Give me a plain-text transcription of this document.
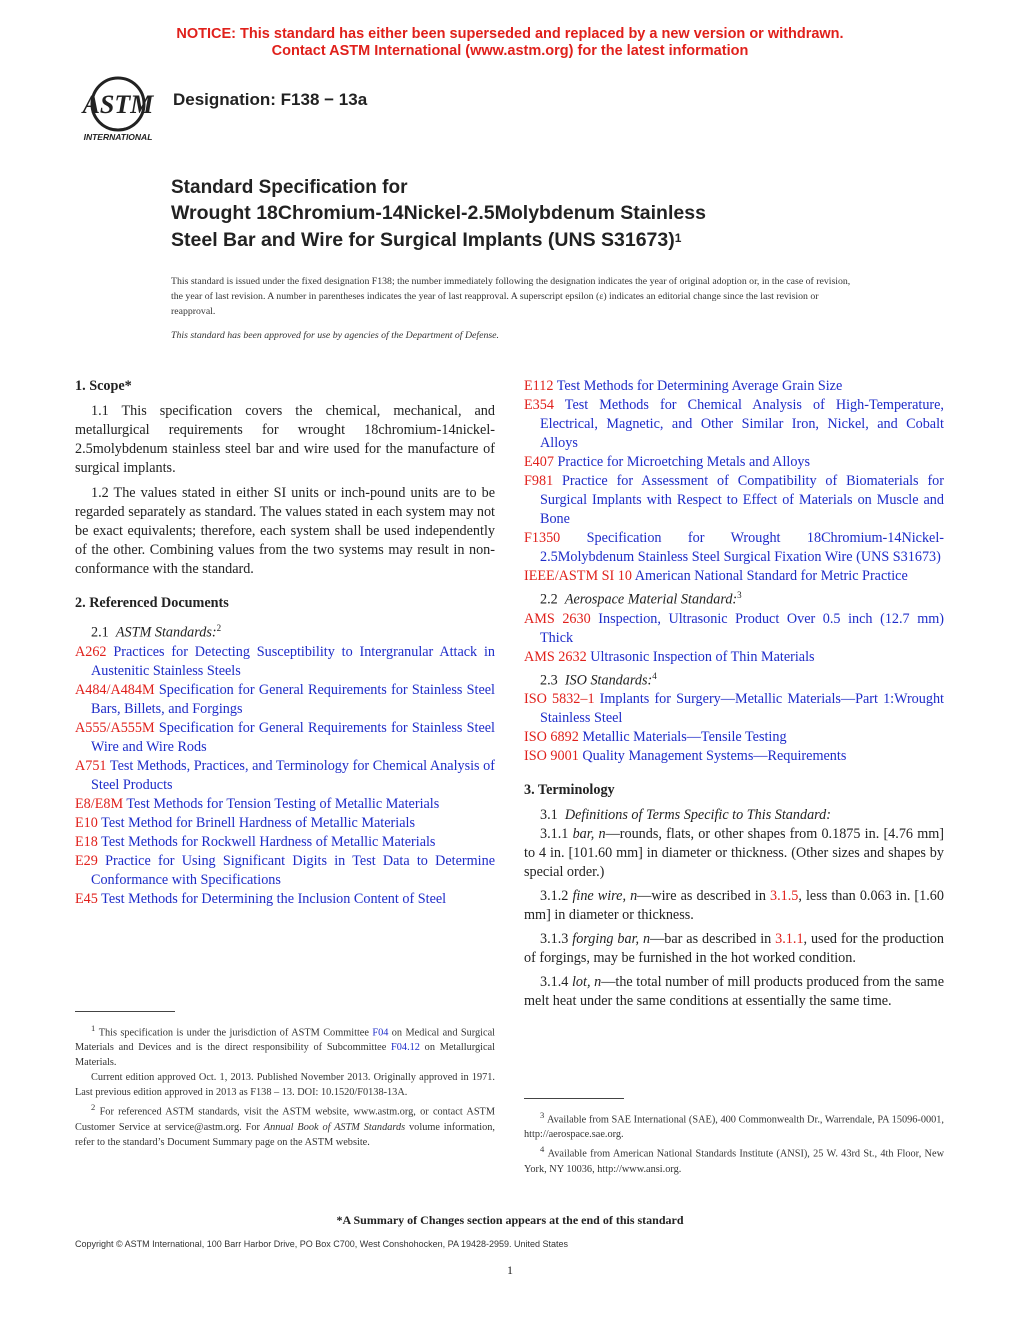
NOTICE: This standard has either been superseded and replaced by a new version or withdrawn.
Contact ASTM International (www.astm.org) for the latest information
ASTM
INTERNATIONAL
Designation: F138 − 13a
Standard Specification for
Wrought 18Chromium-14Nickel-2.5Molybdenum Stainless
Steel Bar and Wire for Surgical Implants (UNS S31673)$^1$
This standard is issued under the fixed designation F138; the number immediately following the designation indicates the year of original adoption or, in the case of revision, the year of last revision. A number in parentheses indicates the year of last reapproval. A superscript epsilon (ε) indicates an editorial change since the last revision or reapproval.
This standard has been approved for use by agencies of the Department of Defense.
1. Scope*

1.1 This specification covers the chemical, mechanical, and metallurgical requirements for wrought 18chromium-14nickel-2.5molybdenum stainless steel bar and wire used for the manufacture of surgical implants.

1.2 The values stated in either SI units or inch-pound units are to be regarded separately as standard. The values stated in each system may not be exact equivalents; therefore, each system shall be used independently of the other. Combining values from the two systems may result in non-conformance with the standard.

2. Referenced Documents

2.1 ASTM Standards:$^2$

A262 Practices for Detecting Susceptibility to Intergranular Attack in Austenitic Stainless Steels

A484/A484M Specification for General Requirements for Stainless Steel Bars, Billets, and Forgings

A555/A555M Specification for General Requirements for Stainless Steel Wire and Wire Rods

A751 Test Methods, Practices, and Terminology for Chemical Analysis of Steel Products

E8/E8M Test Methods for Tension Testing of Metallic Materials

E10 Test Method for Brinell Hardness of Metallic Materials

E18 Test Methods for Rockwell Hardness of Metallic Materials

E29 Practice for Using Significant Digits in Test Data to Determine Conformance with Specifications

E45 Test Methods for Determining the Inclusion Content of Steel

E112 Test Methods for Determining Average Grain Size

E354 Test Methods for Chemical Analysis of High-Temperature, Electrical, Magnetic, and Other Similar Iron, Nickel, and Cobalt Alloys

E407 Practice for Microetching Metals and Alloys

F981 Practice for Assessment of Compatibility of Biomaterials for Surgical Implants with Respect to Effect of Materials on Muscle and Bone

F1350 Specification for Wrought 18Chromium-14Nickel-2.5Molybdenum Stainless Steel Surgical Fixation Wire (UNS S31673)

IEEE/ASTM SI 10 American National Standard for Metric Practice

2.2 Aerospace Material Standard:$^3$

AMS 2630 Inspection, Ultrasonic Product Over 0.5 inch (12.7 mm) Thick

AMS 2632 Ultrasonic Inspection of Thin Materials

2.3 ISO Standards:$^4$

ISO 5832–1 Implants for Surgery—Metallic Materials—Part 1:Wrought Stainless Steel

ISO 6892 Metallic Materials—Tensile Testing

ISO 9001 Quality Management Systems—Requirements

3. Terminology

3.1 Definitions of Terms Specific to This Standard:

3.1.1 bar, n—rounds, flats, or other shapes from 0.1875 in. [4.76 mm] to 4 in. [101.60 mm] in diameter or thickness. (Other sizes and shapes by special order.)

3.1.2 fine wire, n—wire as described in 3.1.5, less than 0.063 in. [1.60 mm] in diameter or thickness.

3.1.3 forging bar, n—bar as described in 3.1.1, used for the production of forgings, may be furnished in the hot worked condition.

3.1.4 lot, n—the total number of mill products produced from the same melt heat under the same conditions at essentially the same time.

$^1$ This specification is under the jurisdiction of ASTM Committee F04 on Medical and Surgical Materials and Devices and is the direct responsibility of Subcommittee F04.12 on Metallurgical Materials.

Current edition approved Oct. 1, 2013. Published November 2013. Originally approved in 1971. Last previous edition approved in 2013 as F138 – 13. DOI: 10.1520/F0138-13A.

$^2$ For referenced ASTM standards, visit the ASTM website, www.astm.org, or contact ASTM Customer Service at service@astm.org. For Annual Book of ASTM Standards volume information, refer to the standard’s Document Summary page on the ASTM website.

$^3$ Available from SAE International (SAE), 400 Commonwealth Dr., Warrendale, PA 15096-0001, http://aerospace.sae.org.

$^4$ Available from American National Standards Institute (ANSI), 25 W. 43rd St., 4th Floor, New York, NY 10036, http://www.ansi.org.

*A Summary of Changes section appears at the end of this standard
Copyright © ASTM International, 100 Barr Harbor Drive, PO Box C700, West Conshohocken, PA 19428-2959. United States
1
